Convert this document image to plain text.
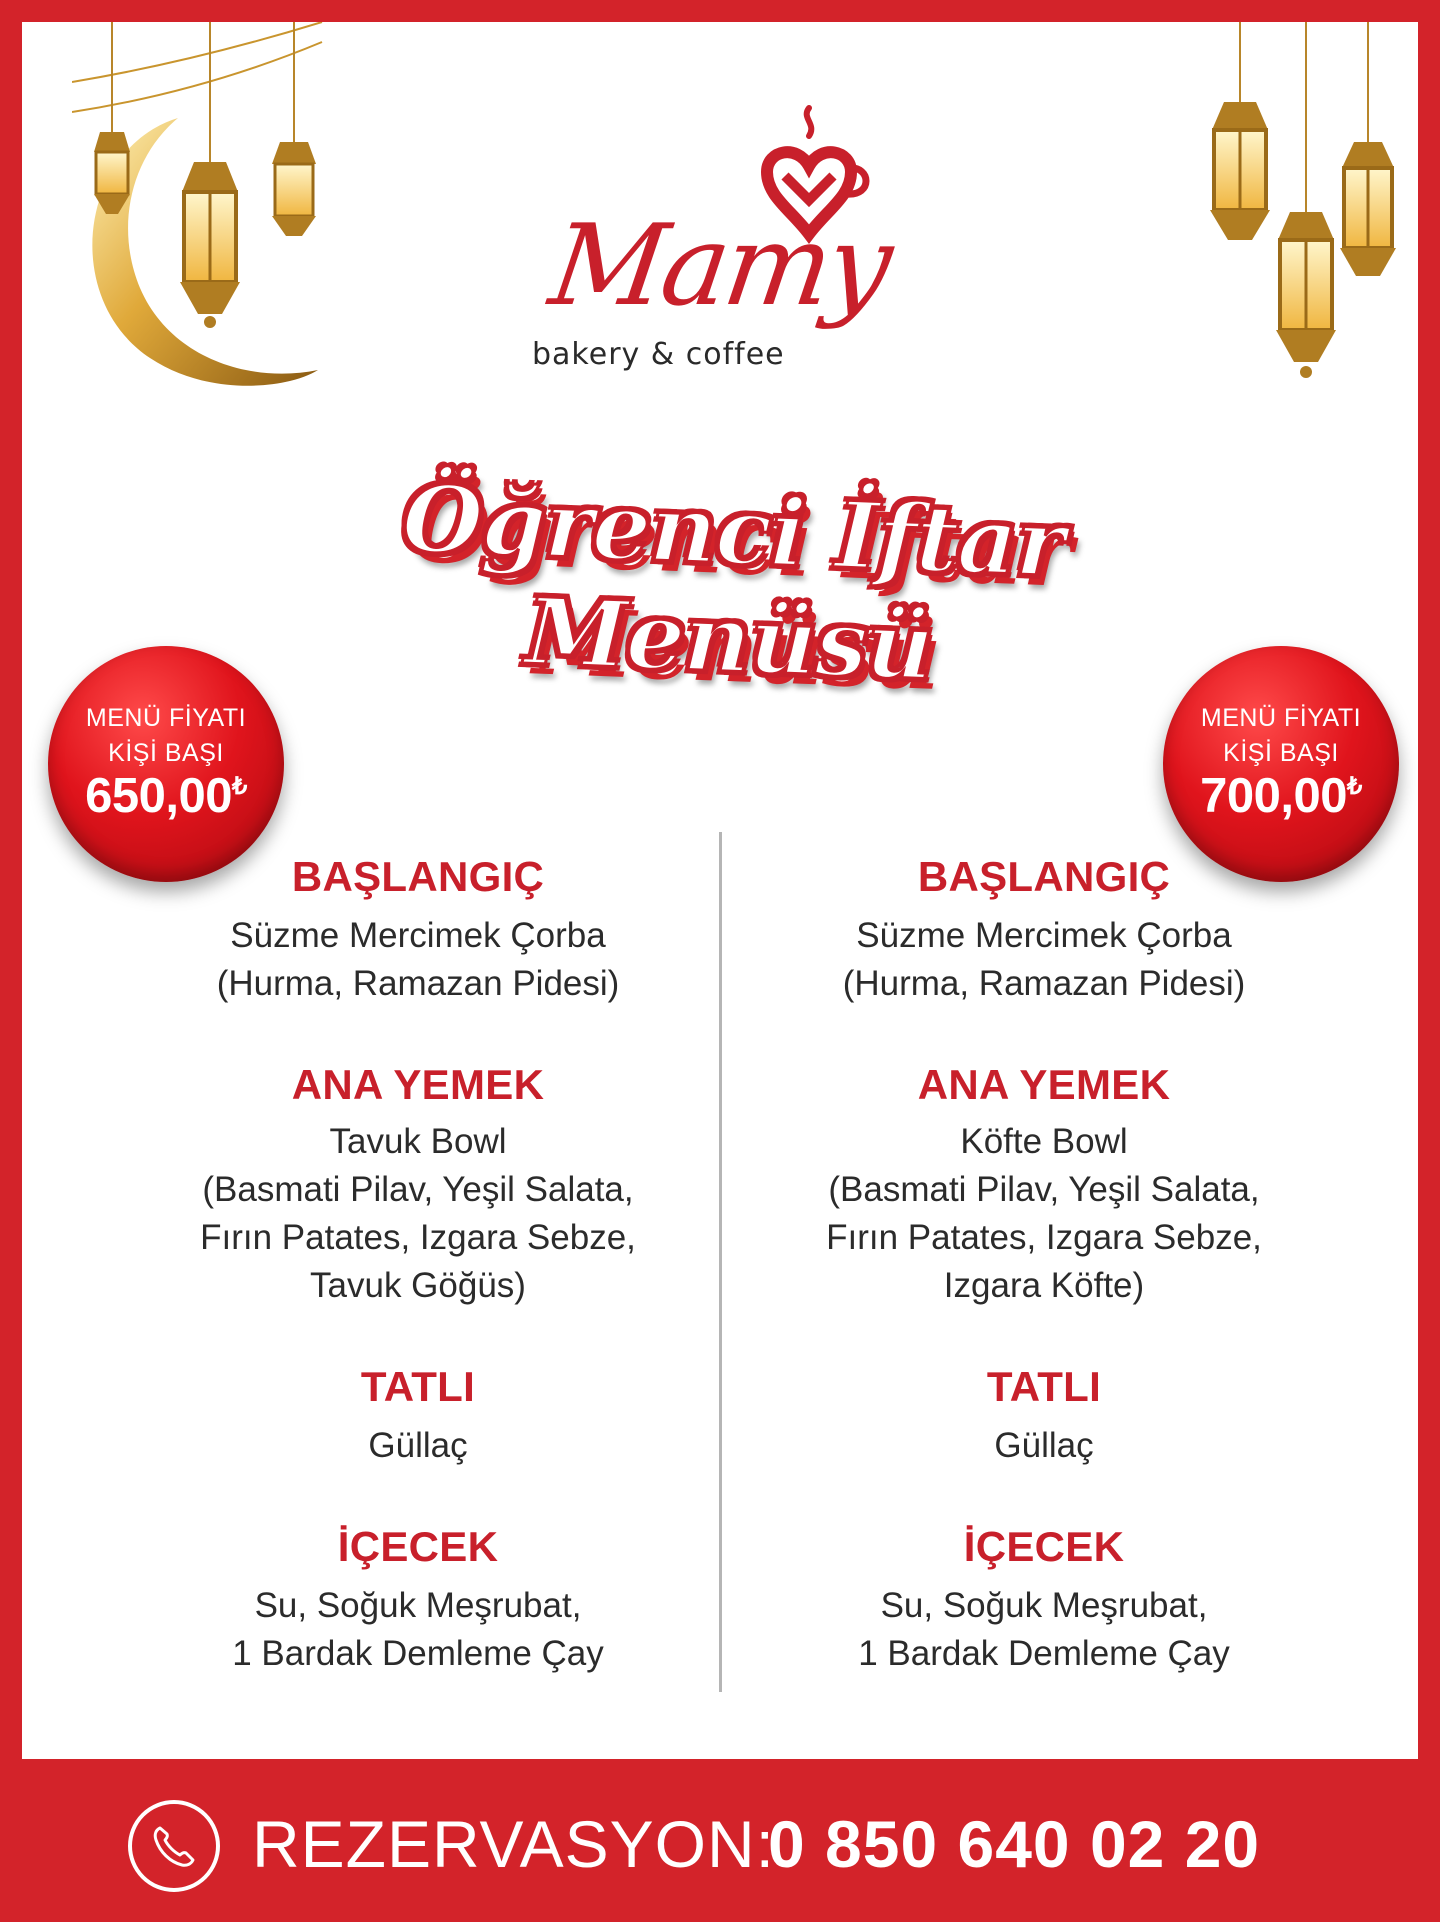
Mamy
bakery & coffee
Öğrenci İftar Menüsü
MENÜ FİYATI
KİŞİ BAŞI
650,00₺
MENÜ FİYATI
KİŞİ BAŞI
700,00₺
BAŞLANGIÇ
Süzme Mercimek Çorba
(Hurma, Ramazan Pidesi)
ANA YEMEK
Tavuk Bowl
(Basmati Pilav, Yeşil Salata,
Fırın Patates, Izgara Sebze,
Tavuk Göğüs)
TATLI
Güllaç
İÇECEK
Su, Soğuk Meşrubat,
1 Bardak Demleme Çay
BAŞLANGIÇ
Süzme Mercimek Çorba
(Hurma, Ramazan Pidesi)
ANA YEMEK
Köfte Bowl
(Basmati Pilav, Yeşil Salata,
Fırın Patates, Izgara Sebze,
Izgara Köfte)
TATLI
Güllaç
İÇECEK
Su, Soğuk Meşrubat,
1 Bardak Demleme Çay
REZERVASYON:
0 850 640 02 20
